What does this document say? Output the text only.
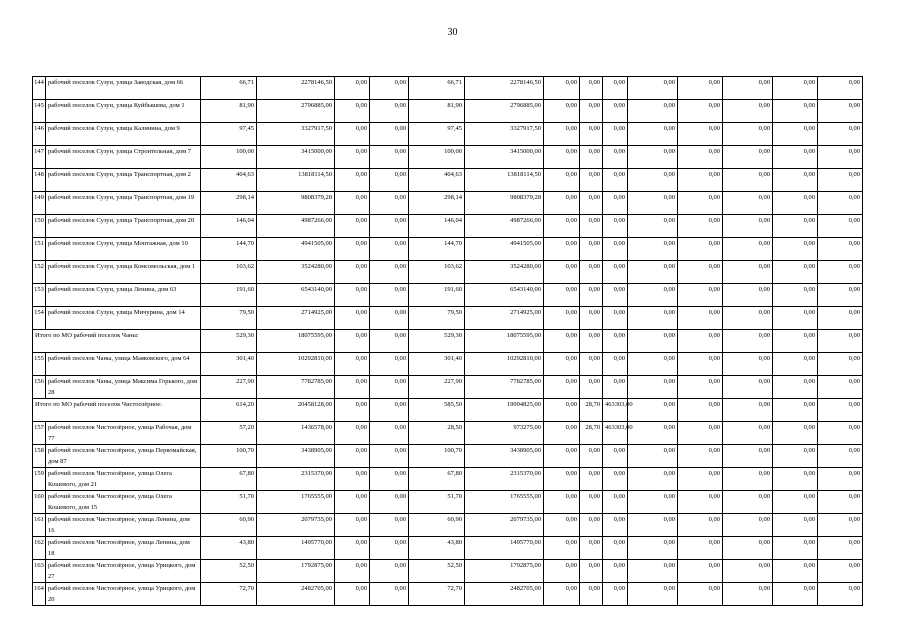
30
144	рабочий поселок Сузун, улица Заводская, дом 66	66,71	2278146,50	0,00	0,00	66,71	2278146,50	0,00	0,00	0,00	0,00	0,00	0,00	0,00	0,00
145	рабочий поселок Сузун, улица Куйбышева, дом 1	81,90	2796885,00	0,00	0,00	81,90	2796885,00	0,00	0,00	0,00	0,00	0,00	0,00	0,00	0,00
146	рабочий поселок Сузун, улица Калинина, дом 9	97,45	3327917,50	0,00	0,00	97,45	3327917,50	0,00	0,00	0,00	0,00	0,00	0,00	0,00	0,00
147	рабочий поселок Сузун, улица Строительная, дом 7	100,00	3415000,00	0,00	0,00	100,00	3415000,00	0,00	0,00	0,00	0,00	0,00	0,00	0,00	0,00
148	рабочий поселок Сузун, улица Транспортная, дом 2	404,63	13818114,50	0,00	0,00	404,63	13818114,50	0,00	0,00	0,00	0,00	0,00	0,00	0,00	0,00
149	рабочий поселок Сузун, улица Транспортная, дом 19	298,14	9808379,28	0,00	0,00	298,14	9808379,28	0,00	0,00	0,00	0,00	0,00	0,00	0,00	0,00
150	рабочий поселок Сузун, улица Транспортная, дом 20	146,04	4987266,00	0,00	0,00	146,04	4987266,00	0,00	0,00	0,00	0,00	0,00	0,00	0,00	0,00
151	рабочий поселок Сузун, улица Монтажная, дом 10	144,70	4941505,00	0,00	0,00	144,70	4941505,00	0,00	0,00	0,00	0,00	0,00	0,00	0,00	0,00
152	рабочий поселок Сузун, улица Комсомольская, дом 1	103,62	3524280,00	0,00	0,00	103,62	3524280,00	0,00	0,00	0,00	0,00	0,00	0,00	0,00	0,00
153	рабочий поселок Сузун, улица Ленина, дом 63	191,60	6543140,00	0,00	0,00	191,60	6543140,00	0,00	0,00	0,00	0,00	0,00	0,00	0,00	0,00
154	рабочий поселок Сузун, улица Мичурина, дом 14	79,50	2714925,00	0,00	0,00	79,50	2714925,00	0,00	0,00	0,00	0,00	0,00	0,00	0,00	0,00
Итого по МО рабочий поселок Чаны:		529,30	18075595,00	0,00	0,00	529,30	18075595,00	0,00	0,00	0,00	0,00	0,00	0,00	0,00	0,00
155	рабочий поселок Чаны, улица Маяковского, дом 64	301,40	10292810,00	0,00	0,00	301,40	10292810,00	0,00	0,00	0,00	0,00	0,00	0,00	0,00	0,00
156	рабочий поселок Чаны, улица Максима Горького, дом 28	227,90	7782785,00	0,00	0,00	227,90	7782785,00	0,00	0,00	0,00	0,00	0,00	0,00	0,00	0,00
Итого по МО рабочий поселок Чистоозёрное:		614,20	20458128,00	0,00	0,00	585,50	19994825,00	0,00	28,70	463303,00	0,00	0,00	0,00	0,00	0,00
157	рабочий поселок Чистоозёрное, улица Рабочая, дом 77	57,20	1436578,00	0,00	0,00	28,50	973275,00	0,00	28,70	463303,00	0,00	0,00	0,00	0,00	0,00
158	рабочий поселок Чистоозёрное, улица Первомайская, дом 87	100,70	3438905,00	0,00	0,00	100,70	3438905,00	0,00	0,00	0,00	0,00	0,00	0,00	0,00	0,00
159	рабочий поселок Чистоозёрное, улица Олега Кошевого, дом 21	67,80	2315370,00	0,00	0,00	67,80	2315370,00	0,00	0,00	0,00	0,00	0,00	0,00	0,00	0,00
160	рабочий поселок Чистоозёрное, улица Олега Кошевого, дом 15	51,70	1765555,00	0,00	0,00	51,70	1765555,00	0,00	0,00	0,00	0,00	0,00	0,00	0,00	0,00
161	рабочий поселок Чистоозёрное, улица Ленина, дом 16	60,90	2079735,00	0,00	0,00	60,90	2079735,00	0,00	0,00	0,00	0,00	0,00	0,00	0,00	0,00
162	рабочий поселок Чистоозёрное, улица Ленина, дом 18	43,80	1495770,00	0,00	0,00	43,80	1495770,00	0,00	0,00	0,00	0,00	0,00	0,00	0,00	0,00
163	рабочий поселок Чистоозёрное, улица Урицкого, дом 27	52,50	1792875,00	0,00	0,00	52,50	1792875,00	0,00	0,00	0,00	0,00	0,00	0,00	0,00	0,00
164	рабочий поселок Чистоозёрное, улица Урицкого, дом 20	72,70	2482705,00	0,00	0,00	72,70	2482705,00	0,00	0,00	0,00	0,00	0,00	0,00	0,00	0,00
